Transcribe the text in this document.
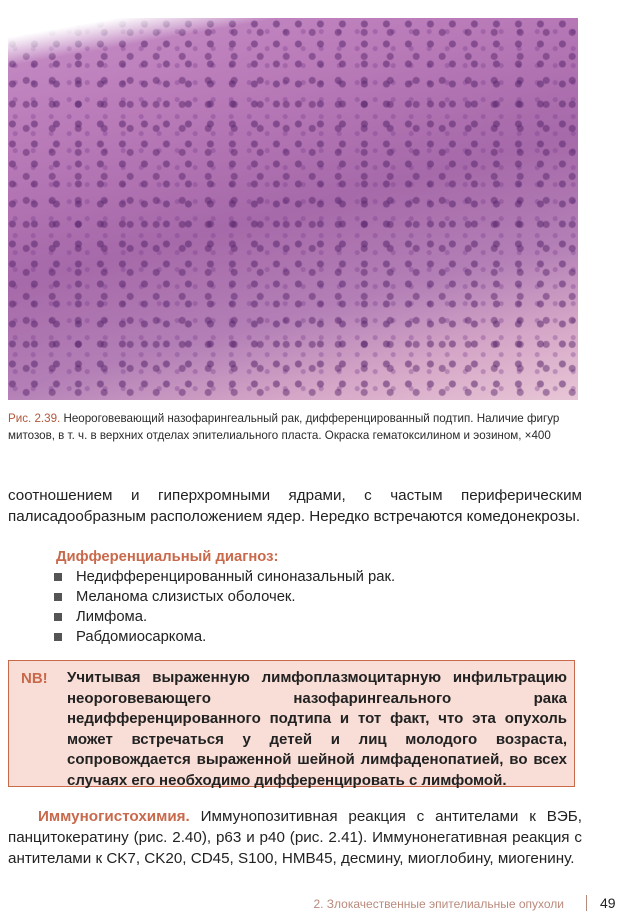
Рис. 2.39. Неороговевающий назофарингеальный рак, дифференцированный подтип. Наличие фигур митозов, в т. ч. в верхних отделах эпителиального пласта. Окраска гематоксилином и эозином, ×400
соотношением и гиперхромными ядрами, с частым периферическим палисадообразным расположением ядер. Нередко встречаются комедонекрозы.
Дифференциальный диагноз:
Недифференцированный синоназальный рак.
Меланома слизистых оболочек.
Лимфома.
Рабдомиосаркома.
NB! Учитывая выраженную лимфоплазмоцитарную инфильтрацию неороговевающего назофарингеального рака недифференцированного подтипа и тот факт, что эта опухоль может встречаться у детей и лиц молодого возраста, сопровождается выраженной шейной лимфаденопатией, во всех случаях его необходимо дифференцировать с лимфомой.
Иммуногистохимия. Иммунопозитивная реакция с антителами к ВЭБ, панцитокератину (рис. 2.40), р63 и р40 (рис. 2.41). Иммунонегативная реакция с антителами к CK7, CK20, CD45, S100, HMB45, десмину, миоглобину, миогенину.
2. Злокачественные эпителиальные опухоли	49
